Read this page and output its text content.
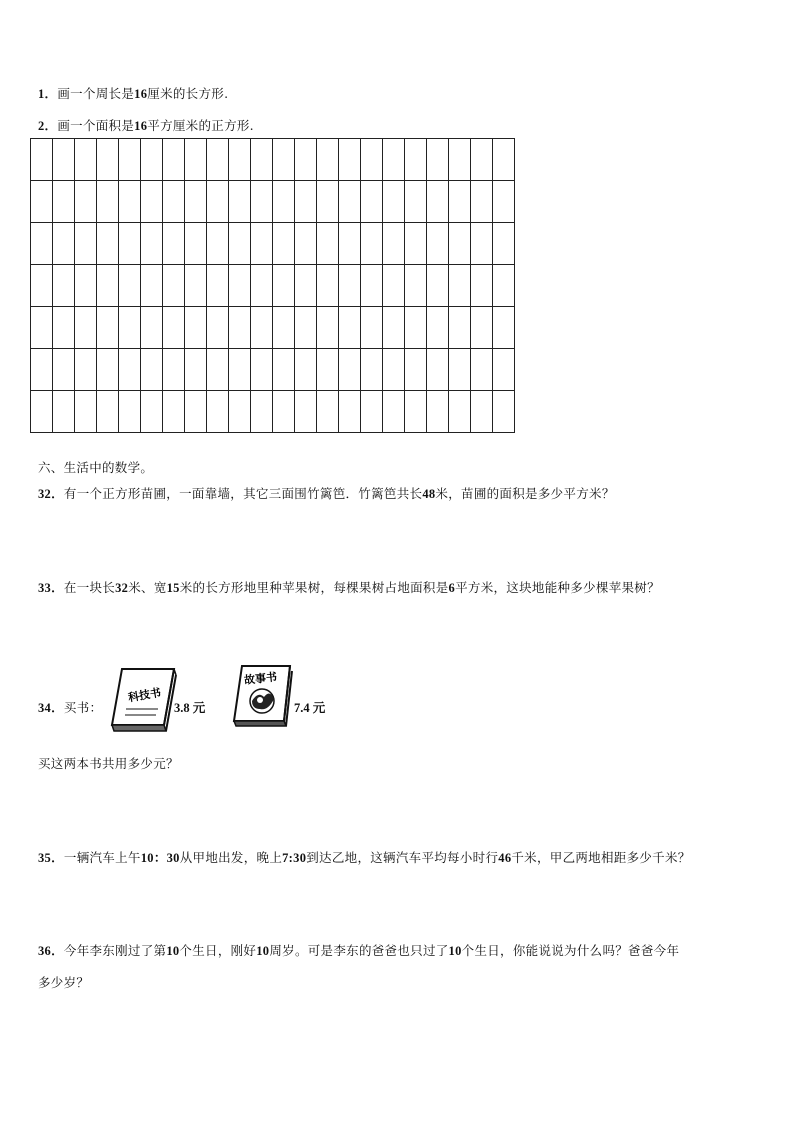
1．画一个周长是16厘米的长方形.
2．画一个面积是16平方厘米的正方形.
六、生活中的数学。
32．有一个正方形苗圃，一面靠墙，其它三面围竹篱笆．竹篱笆共长48米，苗圃的面积是多少平方米？
33．在一块长32米、宽15米的长方形地里种苹果树，每棵果树占地面积是6平方米，这块地能种多少棵苹果树？
34．买书：
科技书
3.8 元
故事书
7.4 元
买这两本书共用多少元？
35．一辆汽车上午10：30从甲地出发，晚上7:30到达乙地，这辆汽车平均每小时行46千米，甲乙两地相距多少千米？
36．今年李东刚过了第10个生日，刚好10周岁。可是李东的爸爸也只过了10个生日，你能说说为什么吗？爸爸今年
多少岁？
